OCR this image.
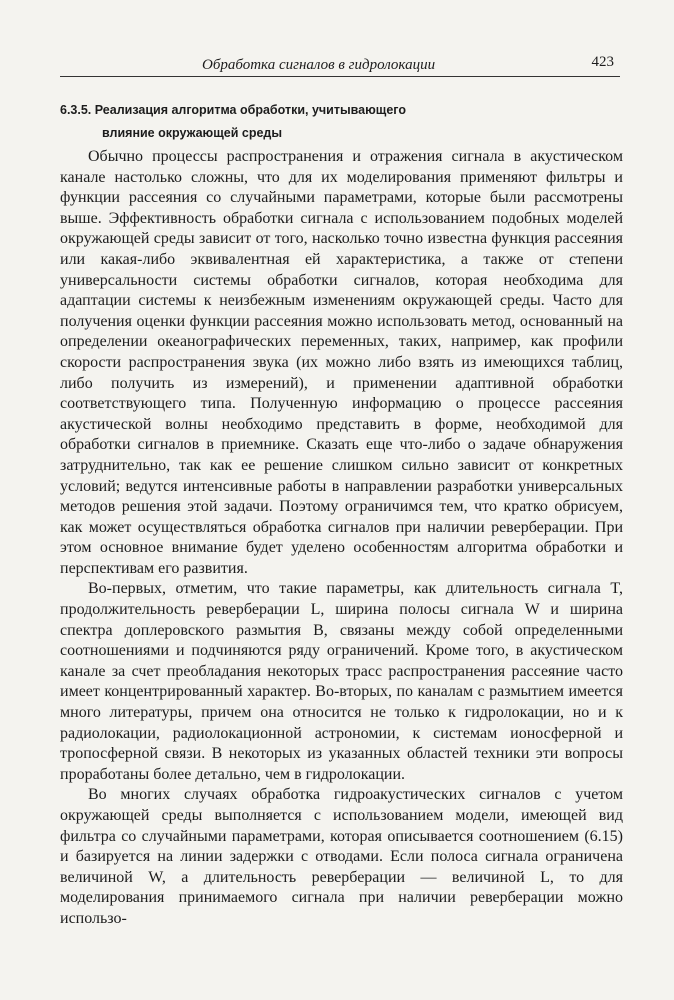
Обработка сигналов в гидролокации	423
6.3.5. Реализация алгоритма обработки, учитывающего
влияние окружающей среды

Обычно процессы распространения и отражения сигнала в акустическом канале настолько сложны, что для их моделирования применяют фильтры и функции рассеяния со случайными параметрами, которые были рассмотрены выше. Эффективность обработки сигнала с использованием подобных моделей окружающей среды зависит от того, насколько точно известна функция рассеяния или какая-либо эквивалентная ей характеристика, а также от степени универсальности системы обработки сигналов, которая необходима для адаптации системы к неизбежным изменениям окружающей среды. Часто для получения оценки функции рассеяния можно использовать метод, основанный на определении океанографических переменных, таких, например, как профили скорости распространения звука (их можно либо взять из имеющихся таблиц, либо получить из измерений), и применении адаптивной обработки соответствующего типа. Полученную информацию о процессе рассеяния акустической волны необходимо представить в форме, необходимой для обработки сигналов в приемнике. Сказать еще что-либо о задаче обнаружения затруднительно, так как ее решение слишком сильно зависит от конкретных условий; ведутся интенсивные работы в направлении разработки универсальных методов решения этой задачи. Поэтому ограничимся тем, что кратко обрисуем, как может осуществляться обработка сигналов при наличии реверберации. При этом основное внимание будет уделено особенностям алгоритма обработки и перспективам его развития.

Во-первых, отметим, что такие параметры, как длительность сигнала T, продолжительность реверберации L, ширина полосы сигнала W и ширина спектра доплеровского размытия B, связаны между собой определенными соотношениями и подчиняются ряду ограничений. Кроме того, в акустическом канале за счет преобладания некоторых трасс распространения рассеяние часто имеет концентрированный характер. Во-вторых, по каналам с размытием имеется много литературы, причем она относится не только к гидролокации, но и к радиолокации, радиолокационной астрономии, к системам ионосферной и тропосферной связи. В некоторых из указанных областей техники эти вопросы проработаны более детально, чем в гидролокации.

Во многих случаях обработка гидроакустических сигналов с учетом окружающей среды выполняется с использованием модели, имеющей вид фильтра со случайными параметрами, которая описывается соотношением (6.15) и базируется на линии задержки с отводами. Если полоса сигнала ограничена величиной W, а длительность реверберации — величиной L, то для моделирования принимаемого сигнала при наличии реверберации можно использо-
